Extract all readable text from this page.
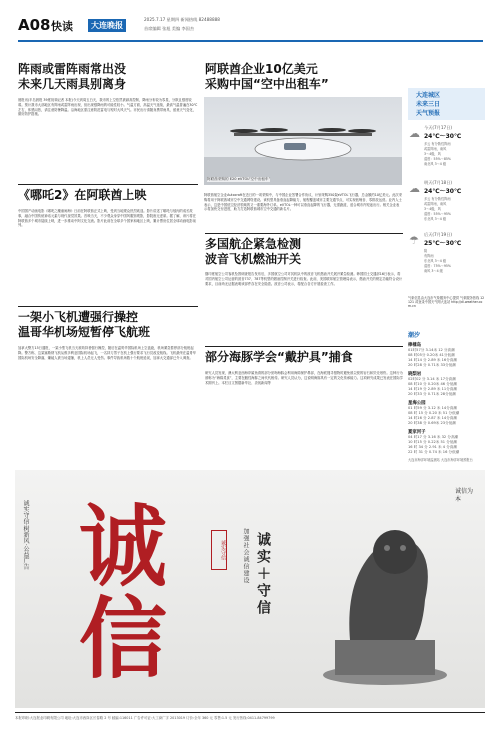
A08 快读	大连晚报
2025.7.17 星期四 新闻热线 82488888
首席编辑 张旭 美编 李国杰
阵雨或雷阵雨常出没
未来几天雨具别离身
晨报讯(半岛晨报 39度视频记者 本报)今天到周五白天，我市的上空依然被副高控制，降雨分布较为零星，分散且强度较弱。预计我市大部地区有阵雨或雷阵雨出现，但出现强降雨的可能性较小。气温方面，高温天气延续，最高气温普遍在30℃左右，体感闷热，请注意防暑降温。沿海地区需注意防范雷电与短时大风天气。市民出行请随身携带雨具，留意天气变化，做好防护措施。
阿联酋企业10亿美元
采购中国“空中出租车”
阿联酋采购的 E20 eVTOL“空中出租车”
阿联酋航空企业Autocraft在近日的一项采购中，与中国企业签署合作协议，计划采购350架eVTOL飞行器，总金额约10亿美元。此次采购将用于阿联酋城市空中交通网络建设。该机型具备垂直起降能力，航程覆盖城市主要交通节点，可实现低噪音、零排放运营。业内人士表示，这是中国低空经济领域的又一重要海外订单。eVTOL一种可以垂直起降的飞行器，无需跑道，适合城市内短途出行。相关企业表示将加快交付进度，助力打造阿联酋城市空中交通的新名片。
大连城区
未来三日
天气预报
☁ 今天(7月17日)
24℃～30℃
多云 有分散性阵雨
或雷阵雨，南风
3～4级，风
湿度：55%～85%
南北风 3～4 级
☁ 明天(7月18日)
24℃～30℃
多云 有分散性阵雨
或雷阵雨，南风
3～4级，风
湿度：55%～95%
东北风 3～4 级
☂ 后天(7月19日)
25℃～30℃
阴
有阵雨
东北风 3～4 级
湿度：75%～95%
南风 3～4 级
气象信息由大连市气象服务中心提供 气象服务热线 12121 或登录中国天气网大连站 http://dl.weather.com.cn
潮汐
棒棰岛
01时57分 3.14米 12 分高潮
08 时05分 0.20米 41分低潮
14 时14 分 2.89 米 16分高潮
20 时28 分 0.71米 33分低潮
晓梨岩
02时02 分 3.14 米 17分高潮
08 时10 分 0.20米 46 分低潮
14 时19 分 2.89 米 11分高潮
20 时33 分 0.71米 28分低潮
星海公园
01 时59 分 3.12 米 14分高潮
08 时 15 分 0.20 米 51 分低潮
14 时16 分 2.87 米 14分高潮
20 时38 分 0.69米 23分低潮
夏家河子
04 时17 分 3.16 米 32 分高潮
10 时15 分 0.22米 51 分低潮
16 时 34 分 2.91 米 4 分高潮
22 时 31 分 0.74 米 16 分低潮
大连市海洋环境监测站 大连市海洋环境预报台
《哪吒2》在阿联酋上映
中国国产动画电影《哪吒之魔童闹海》日前在阿联酋正式上映，受到当地观众热烈欢迎。影片讲述了哪吒与敖丙的成长故事，融合中国传统神话元素与现代视觉效果。首映当天，不少观众身穿中国风服饰观影，影院座无虚席。据了解，该片将在阿联酋多个城市陆续上映，进一步推动中阿文化交流。影片此前在全球多个国家和地区上映，累计票房位居全球动画电影前列。
多国航企紧急检测
波音飞机燃油开关
继印度航空公司客机坠毁调查报告发布后，多国航空公司对其机队中的波音飞机燃油开关展开紧急检测。韩国国土交通部16日表示，将对国内航空公司运营的波音737、787等机型的燃油控制开关进行检查。此前，美国联邦航空管理局表示，燃油开关的锁定功能符合设计要求，目前尚无证据表明该部件存在安全隐患。波音公司表示，将配合各方开展检查工作。
一架小飞机遭强行操控
温哥华机场短暂停飞航班
加拿大警方15日通报，一架小型飞机当天被劫持者强行操控，随后在温哥华国际机场上空盘旋，机场紧急暂停部分航班起降。警方称，这架塞斯纳飞机从维多利亚国际机场起飞，一名持刀男子在机上强行要求飞行员改变航线。飞机最终在温哥华国际机场安全降落，嫌疑人被当场逮捕，机上人员无人受伤。事件导致机场数十个航班延误，加拿大交通部已介入调查。	部分海豚学会“戴护具”捕食
研究人员发现，澳大利亚西海岸鲨鱼湾的部分宽吻海豚会利用海绵保护鼻部，在海底搜寻猎物时避免被尖锐的岩石和贝壳划伤。这种行为被称为“海绵觅食”，主要在雌性海豚之间代代相传。研究人员认为，这说明海豚具有一定的文化传承能力。这项研究成果已发表在国际学术期刊上。本栏目文图据新华社、央视新闻等
诚实守信·树新风·公益广告 诚信	诚实守信	加强社会诚信建设 诚实＋守信
诚信为本
本报印刷:大连报业印刷有限公司 地址:大连市西岗区长春路 2 号 邮编:116011 广告许可证:大工商广字 2013019 订价:全年 360 元 零售:1.5 元 发行热线:0411-84799799
